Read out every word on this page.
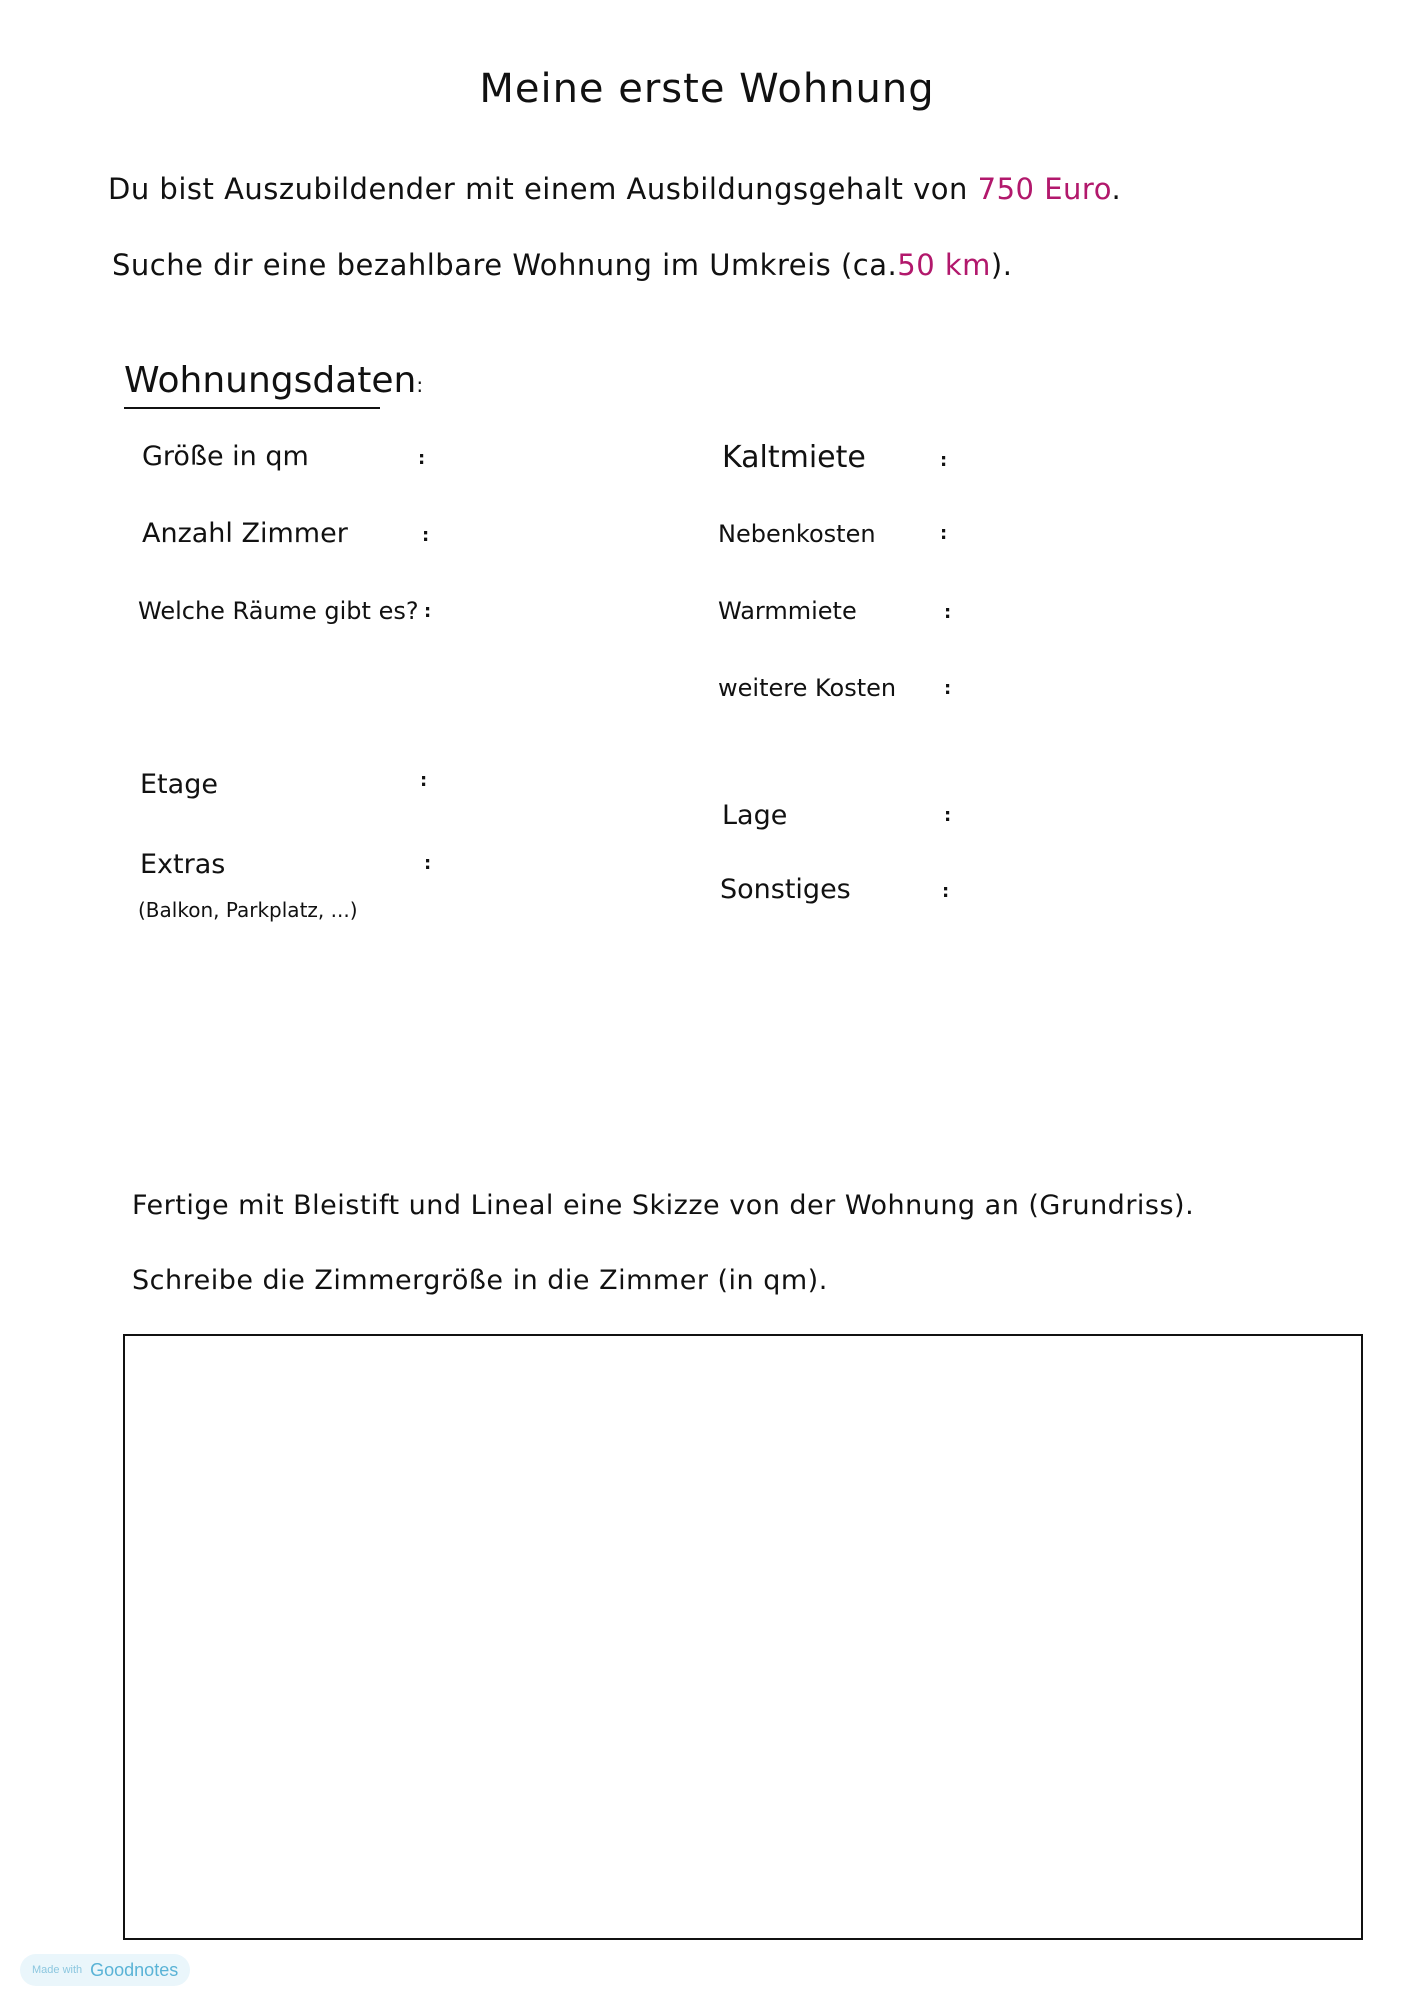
Meine erste Wohnung
Du bist Auszubildender mit einem Ausbildungsgehalt von 750 Euro.
Suche dir eine bezahlbare Wohnung im Umkreis (ca.50 km).
Wohnungsdaten:
Größe in qm	:
Anzahl Zimmer	:
Welche Räume gibt es? :
Etage	:
Extras	:
(Balkon, Parkplatz, ...)
Kaltmiete	:
Nebenkosten	:
Warmmiete	:
weitere Kosten	:
Lage	:
Sonstiges	:
Fertige mit Bleistift und Lineal eine Skizze von der Wohnung an (Grundriss).
Schreibe die Zimmergröße in die Zimmer (in qm).
Made with Goodnotes
